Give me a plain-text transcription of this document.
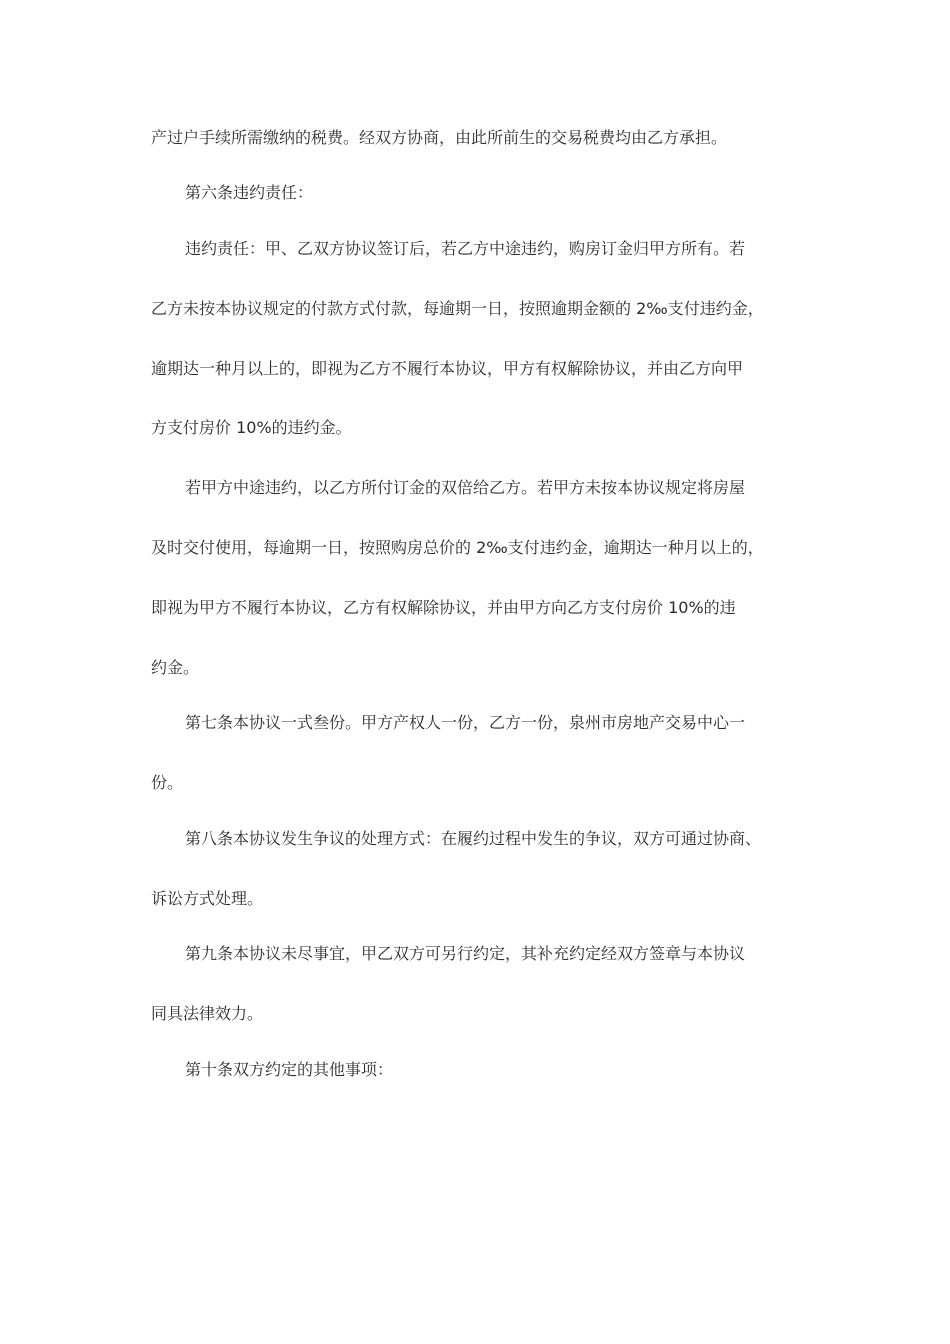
产过户手续所需缴纳的税费。经双方协商，由此所前生的交易税费均由乙方承担。
第六条违约责任：
违约责任：甲、乙双方协议签订后，若乙方中途违约，购房订金归甲方所有。若
乙方未按本协议规定的付款方式付款，每逾期一日，按照逾期金额的 2‰支付违约金，
逾期达一种月以上的，即视为乙方不履行本协议，甲方有权解除协议，并由乙方向甲
方支付房价 10%的违约金。
若甲方中途违约，以乙方所付订金的双倍给乙方。若甲方未按本协议规定将房屋
及时交付使用，每逾期一日，按照购房总价的 2‰支付违约金，逾期达一种月以上的，
即视为甲方不履行本协议，乙方有权解除协议，并由甲方向乙方支付房价 10%的违
约金。
第七条本协议一式叁份。甲方产权人一份，乙方一份，泉州市房地产交易中心一
份。
第八条本协议发生争议的处理方式：在履约过程中发生的争议，双方可通过协商、
诉讼方式处理。
第九条本协议未尽事宜，甲乙双方可另行约定，其补充约定经双方签章与本协议
同具法律效力。
第十条双方约定的其他事项：
